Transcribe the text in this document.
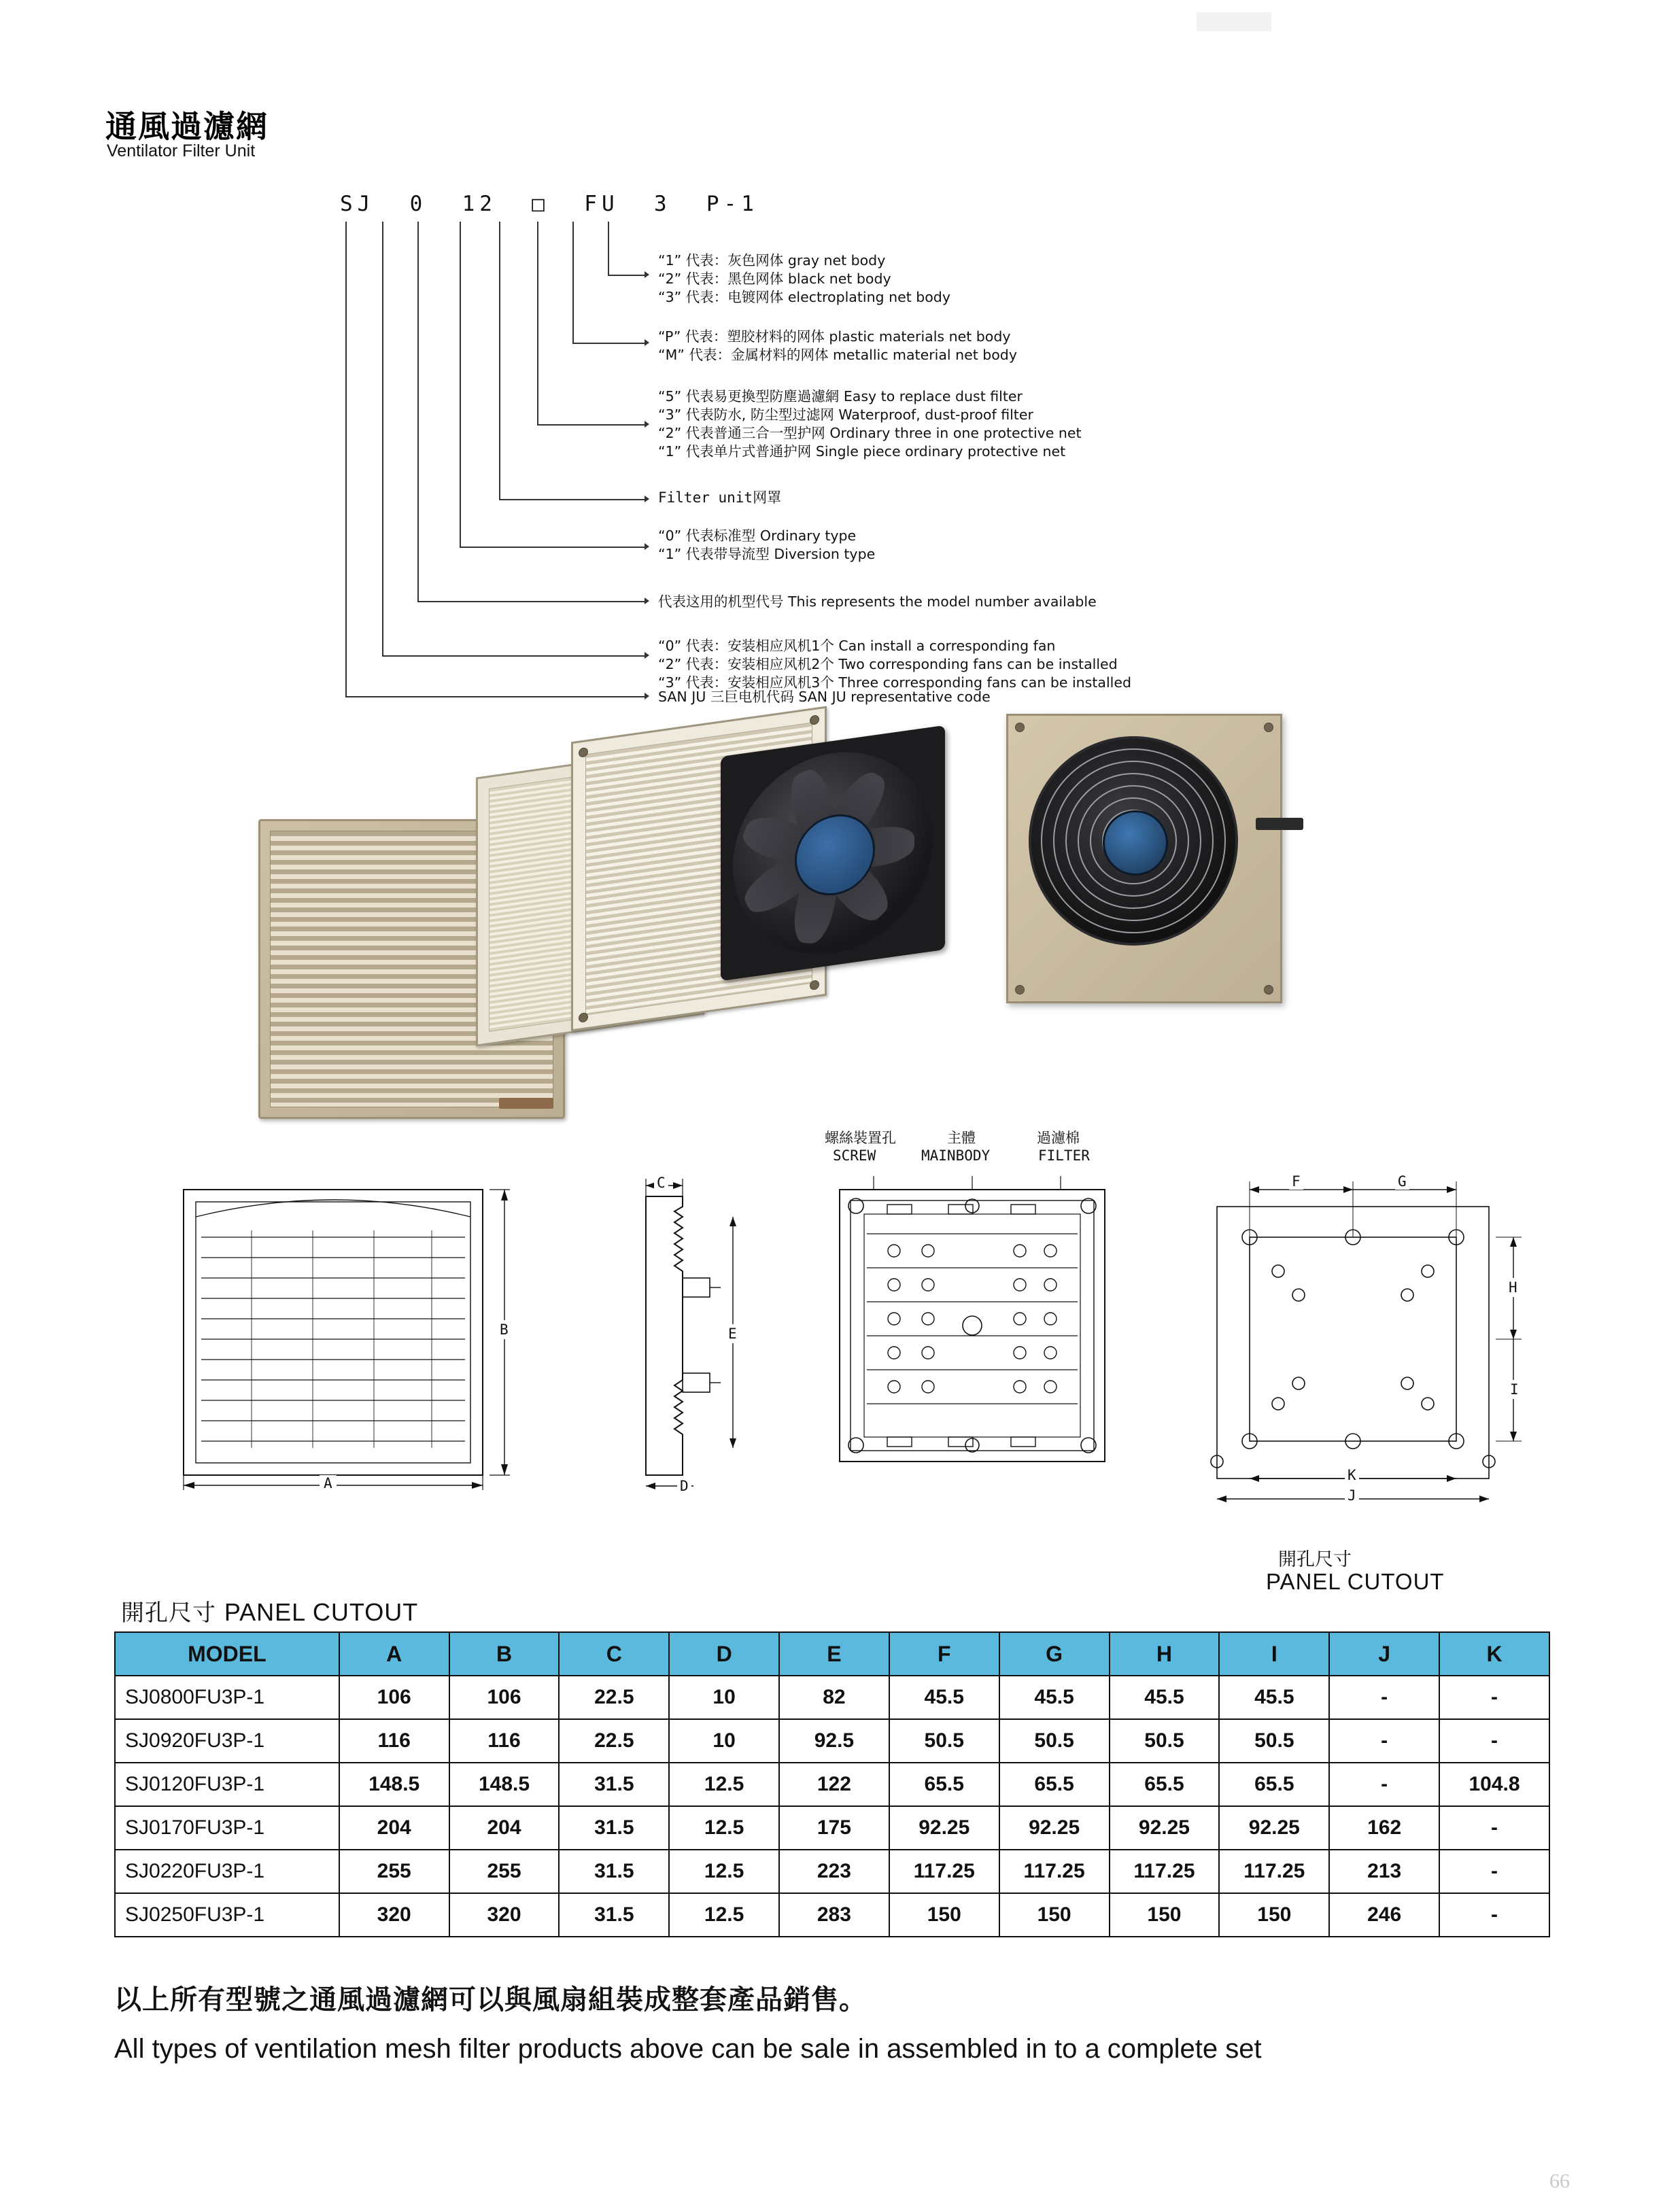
通風過濾網
Ventilator Filter Unit
SJ  0  12  □  FU  3  P-1
“1” 代表：灰色网体 gray net body
“2” 代表：黑色网体 black net body
“3” 代表：电镀网体 electroplating net body
“P” 代表：塑胶材料的网体 plastic materials net body
“M” 代表：金属材料的网体 metallic material net body
“5” 代表易更換型防塵過濾網 Easy to replace dust filter
“3” 代表防水, 防尘型过滤网 Waterproof, dust-proof filter
“2” 代表普通三合一型护网 Ordinary three in one protective net
“1” 代表单片式普通护网 Single piece ordinary protective net
Filter unit网罩
“0” 代表标准型 Ordinary type
“1” 代表带导流型 Diversion type
代表这用的机型代号 This represents the model number available
“0” 代表：安装相应风机1个 Can install a corresponding fan
“2” 代表：安装相应风机2个 Two corresponding fans can be installed
“3” 代表：安装相应风机3个 Three corresponding fans can be installed
SAN JU 三巨电机代码 SAN JU representative code
A
B
C
D
E
螺絲裝置孔
SCREW
主體
MAINBODY
過濾棉
FILTER
F	G
H
I
K
J
開孔尺寸
PANEL CUTOUT
開孔尺寸 PANEL CUTOUT
MODEL	A	B	C	D	E	F	G	H	I	J	K
SJ0800FU3P-1	106	106	22.5	10	82	45.5	45.5	45.5	45.5	-	-
SJ0920FU3P-1	116	116	22.5	10	92.5	50.5	50.5	50.5	50.5	-	-
SJ0120FU3P-1	148.5	148.5	31.5	12.5	122	65.5	65.5	65.5	65.5	-	104.8
SJ0170FU3P-1	204	204	31.5	12.5	175	92.25	92.25	92.25	92.25	162	-
SJ0220FU3P-1	255	255	31.5	12.5	223	117.25	117.25	117.25	117.25	213	-
SJ0250FU3P-1	320	320	31.5	12.5	283	150	150	150	150	246	-
以上所有型號之通風過濾網可以與風扇組裝成整套產品銷售。
All types of ventilation mesh filter products above can be sale in assembled in to a complete set
66
